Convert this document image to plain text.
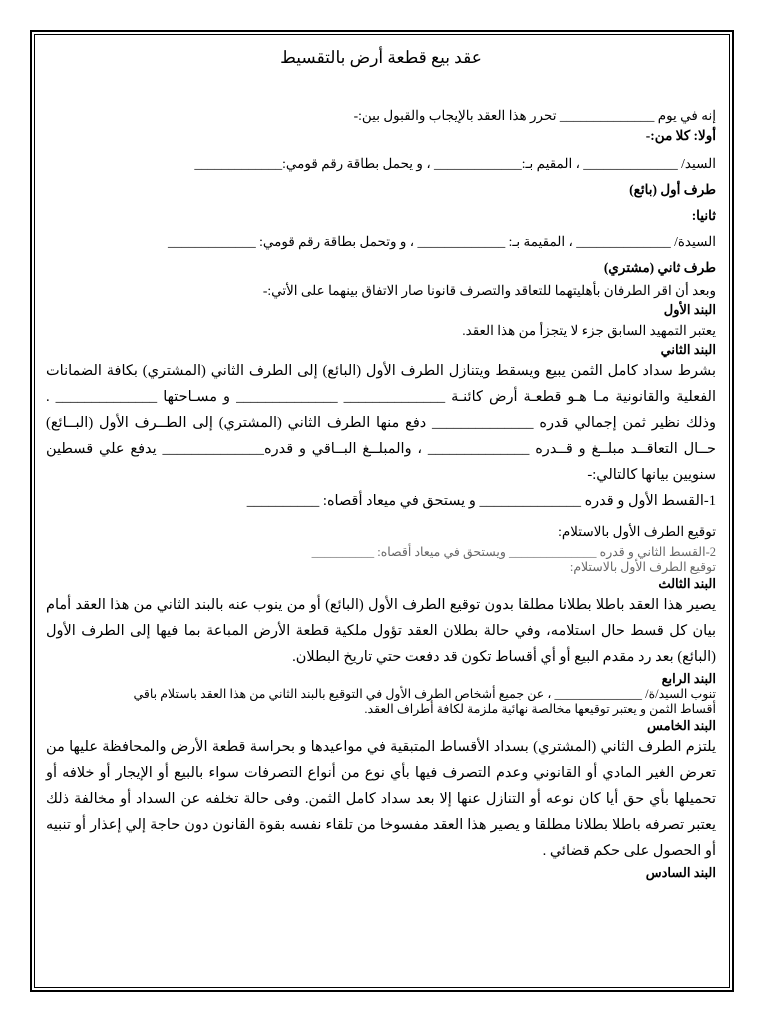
عقد بيع قطعة أرض بالتقسيط

إنه في يوم ______________ تحرر هذا العقد بالإيجاب والقبول بين:-

أولا: كلا من:-

السيد/ ______________ ، المقيم بـ:_____________ ، و يحمل بطاقة رقم قومي:_____________

طرف أول (بائع)

ثانيا:

السيدة/ ______________ ، المقيمة بـ: _____________ ، و وتحمل بطاقة رقم قومي: _____________

طرف ثاني (مشتري)

وبعد أن اقر الطرفان بأهليتهما للتعاقد والتصرف قانونا صار الاتفاق بينهما على الأتي:-

البند الأول

يعتبر التمهيد السابق جزء لا يتجزأ من هذا العقد.

البند الثاني

بشرط سداد كامل الثمن يبيع ويسقط ويتنازل الطرف الأول (البائع) إلى الطرف الثاني (المشتري) بكافة الضمانات الفعلية والقانونية مـا هـو قطعـة أرض كائنـة ______________ ______________ و مسـاحتها ______________ . وذلك نظير ثمن إجمالي قدره ______________ دفع منها الطرف الثاني (المشتري) إلى الطــرف الأول (البــائع) حــال التعاقــد مبلــغ و قــدره ______________ ، والمبلــغ البــاقي و قدره______________ يدفع علي قسطين سنويين بيانها كالتالي:-

1-القسط الأول و قدره ______________ و يستحق في ميعاد أقصاه: __________

توقيع الطرف الأول بالاستلام:

2-القسط الثاني و قدره ______________ ويستحق في ميعاد أقصاه: __________

توقيع الطرف الأول بالاستلام:

البند الثالث

يصير هذا العقد باطلا بطلانا مطلقا بدون توقيع الطرف الأول (البائع) أو من ينوب عنه بالبند الثاني من هذا العقد أمام بيان كل قسط حال استلامه، وفي حالة بطلان العقد تؤول ملكية قطعة الأرض المباعة بما فيها إلى الطرف الأول (البائع) بعد رد مقدم البيع أو أي أقساط تكون قد دفعت حتي تاريخ البطلان.

البند الرابع

تنوب السيد/ة/ ______________ ، عن جميع أشخاص الطرف الأول في التوقيع بالبند الثاني من هذا العقد باستلام باقي

أقساط الثمن و يعتبر توقيعها مخالصة نهائية ملزمة لكافة أطراف العقد.

البند الخامس

يلتزم الطرف الثاني (المشتري) بسداد الأقساط المتبقية في مواعيدها و بحراسة قطعة الأرض والمحافظة عليها من تعرض الغير المادي أو القانوني وعدم التصرف فيها بأي نوع من أنواع التصرفات سواء بالبيع أو الإيجار أو خلافه أو تحميلها بأي حق أيا كان نوعه أو التنازل عنها إلا بعد سداد كامل الثمن. وفى حالة تخلفه عن السداد أو مخالفة ذلك يعتبر تصرفه باطلا بطلانا مطلقا و يصير هذا العقد مفسوخا من تلقاء نفسه بقوة القانون دون حاجة إلي إعذار أو تنبيه أو الحصول على حكم قضائي .

البند السادس
